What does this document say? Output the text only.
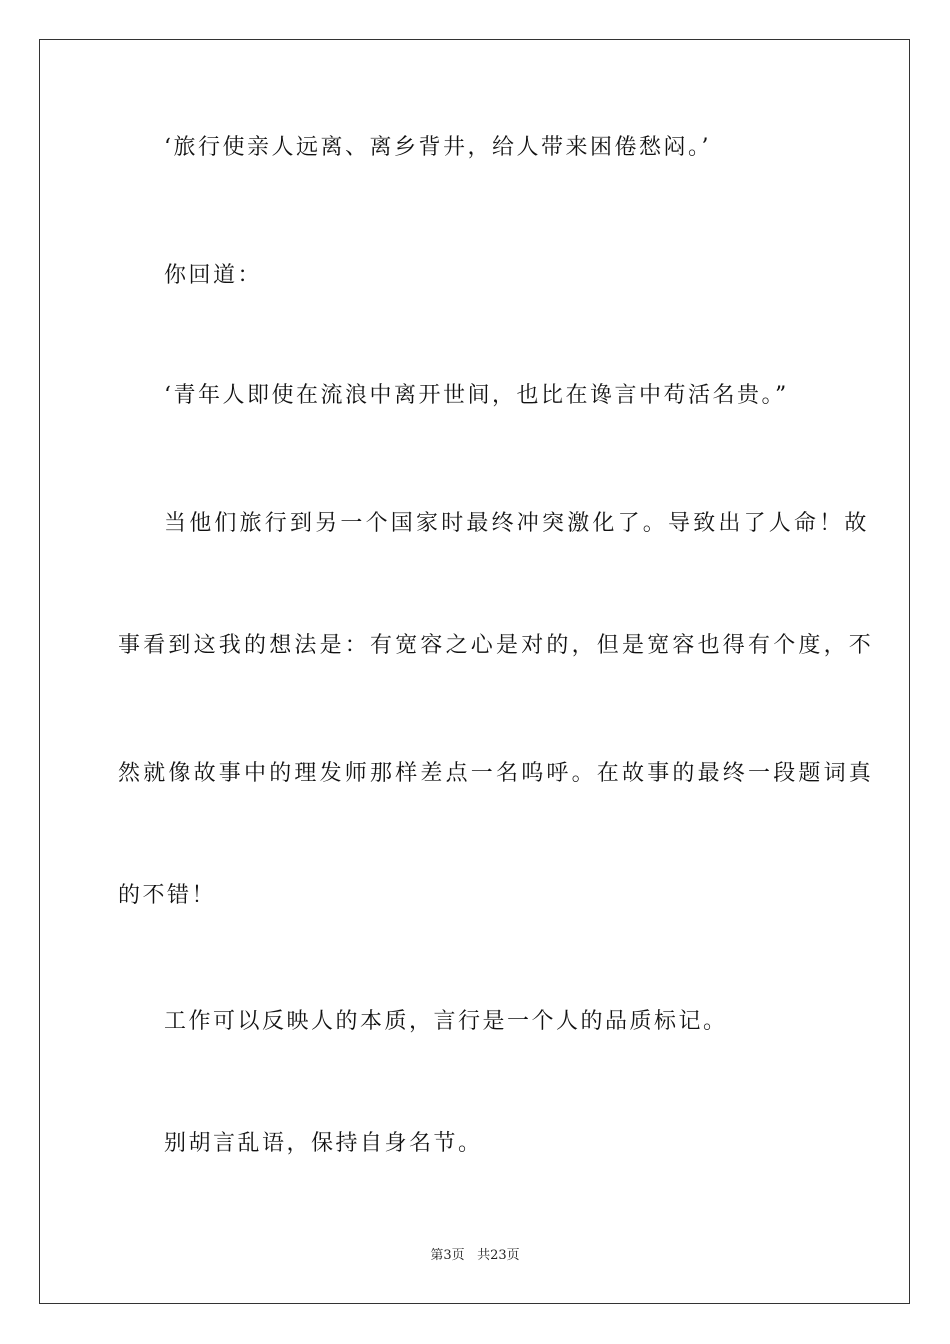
‘旅行使亲人远离、离乡背井，给人带来困倦愁闷。’
你回道：
‘青年人即使在流浪中离开世间，也比在谗言中苟活名贵。”
当他们旅行到另一个国家时最终冲突激化了。导致出了人命！故
事看到这我的想法是：有宽容之心是对的，但是宽容也得有个度，不
然就像故事中的理发师那样差点一名呜呼。在故事的最终一段题词真
的不错！
工作可以反映人的本质，言行是一个人的品质标记。
别胡言乱语，保持自身名节。
第3页 共23页
